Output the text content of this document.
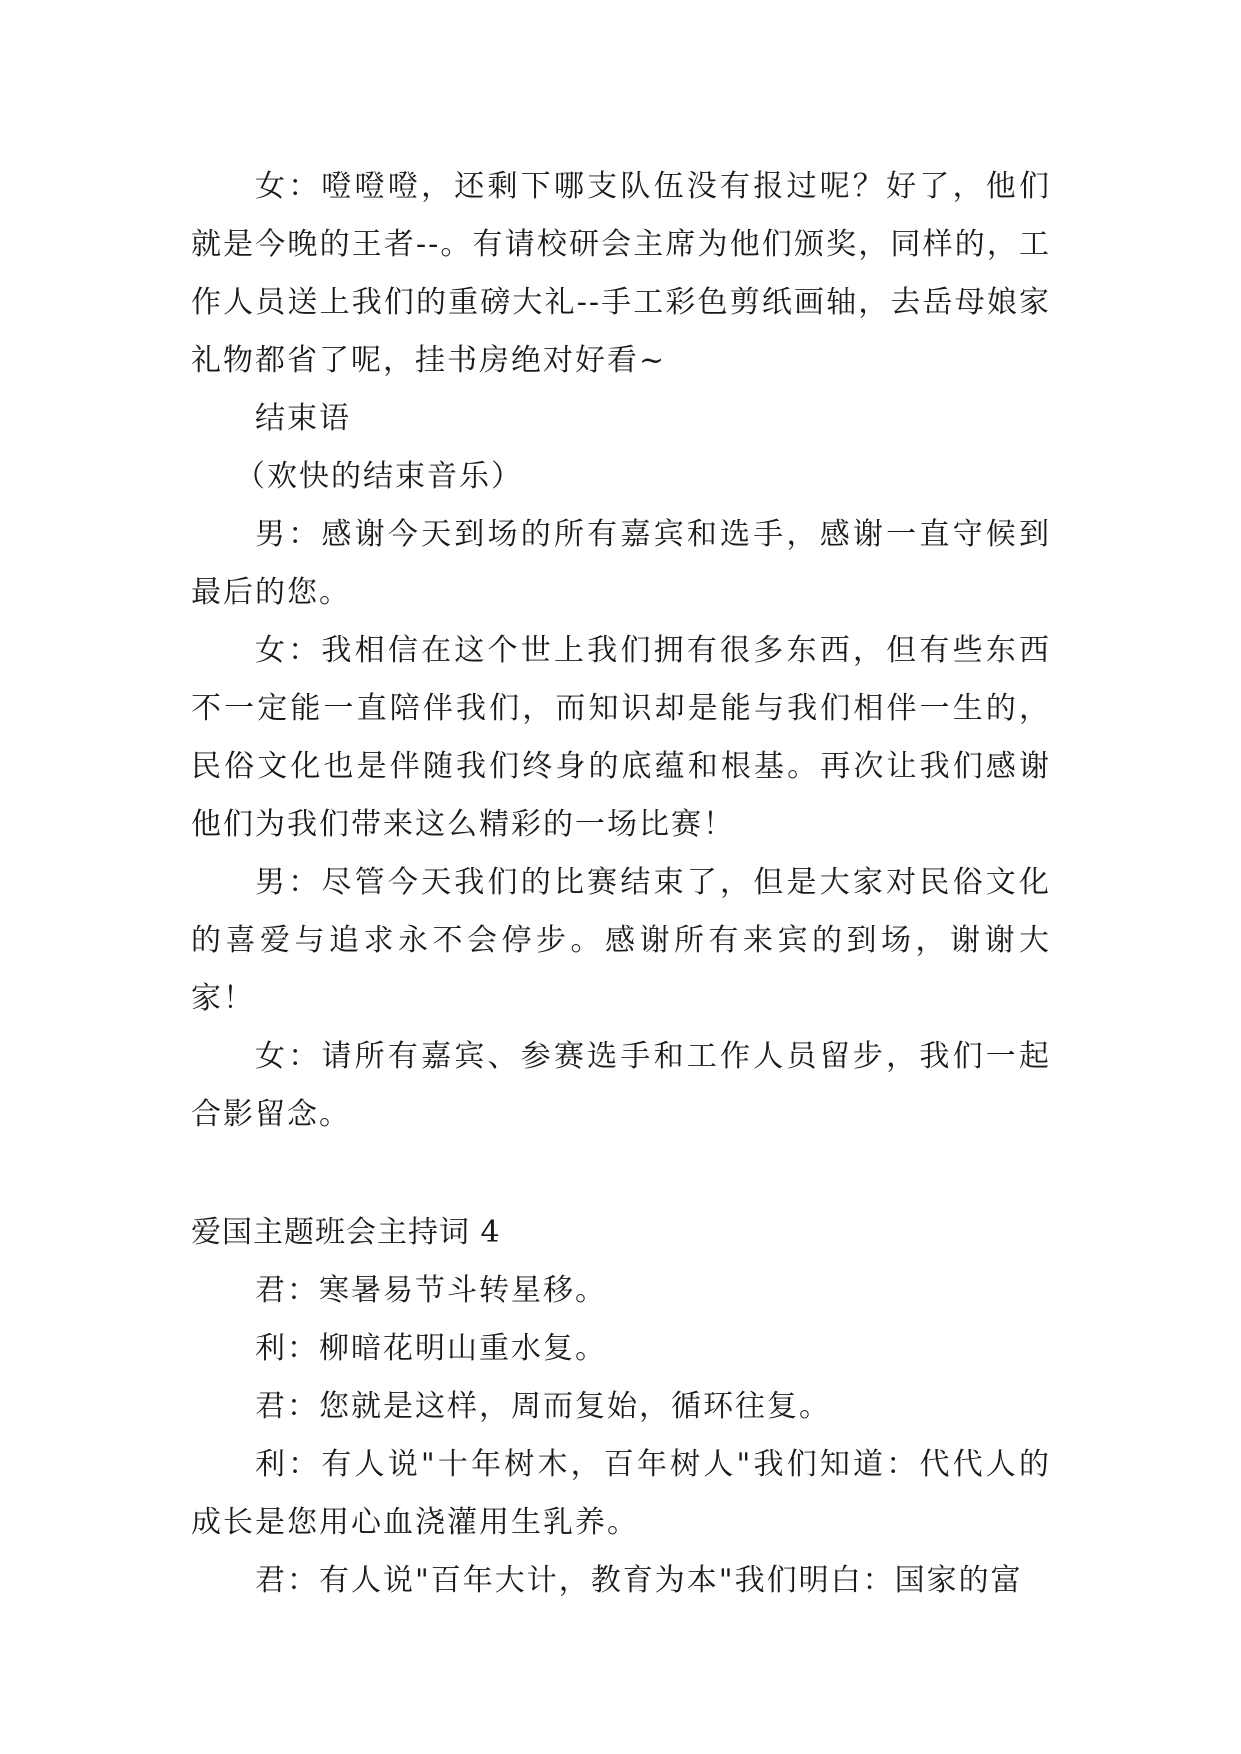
女：噔噔噔，还剩下哪支队伍没有报过呢？好了，他们就是今晚的王者--。有请校研会主席为他们颁奖，同样的，工作人员送上我们的重磅大礼--手工彩色剪纸画轴，去岳母娘家礼物都省了呢，挂书房绝对好看~

结束语

（欢快的结束音乐）

男：感谢今天到场的所有嘉宾和选手，感谢一直守候到最后的您。

女：我相信在这个世上我们拥有很多东西，但有些东西不一定能一直陪伴我们，而知识却是能与我们相伴一生的，民俗文化也是伴随我们终身的底蕴和根基。再次让我们感谢他们为我们带来这么精彩的一场比赛！

男：尽管今天我们的比赛结束了，但是大家对民俗文化的喜爱与追求永不会停步。感谢所有来宾的到场，谢谢大家！

女：请所有嘉宾、参赛选手和工作人员留步，我们一起合影留念。

爱国主题班会主持词 4

君：寒暑易节斗转星移。

利：柳暗花明山重水复。

君：您就是这样，周而复始，循环往复。

利：有人说"十年树木，百年树人"我们知道：代代人的成长是您用心血浇灌用生乳养。

君：有人说"百年大计，教育为本"我们明白：国家的富
